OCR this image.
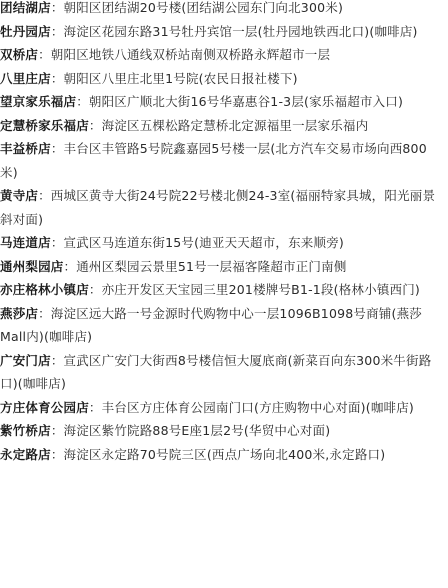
团结湖店：朝阳区团结湖20号楼(团结湖公园东门向北300米)
牡丹园店：海淀区花园东路31号牡丹宾馆一层(牡丹园地铁西北口)(咖啡店)
双桥店：朝阳区地铁八通线双桥站南侧双桥路永辉超市一层
八里庄店：朝阳区八里庄北里1号院(农民日报社楼下)
望京家乐福店：朝阳区广顺北大街16号华嘉惠谷1-3层(家乐福超市入口)
定慧桥家乐福店：海淀区五棵松路定慧桥北定源福里一层家乐福内
丰益桥店：丰台区丰管路5号院鑫嘉园5号楼一层(北方汽车交易市场向西800米)
黄寺店：西城区黄寺大街24号院22号楼北侧24-3室(福丽特家具城，阳光丽景斜对面)
马连道店：宣武区马连道东街15号(迪亚天天超市，东来顺旁)
通州梨园店：通州区梨园云景里51号一层福客隆超市正门南侧
亦庄格林小镇店：亦庄开发区天宝园三里201楼牌号B1-1段(格林小镇西门)
燕莎店：海淀区远大路一号金源时代购物中心一层1096B1098号商铺(燕莎Mall内)(咖啡店)
广安门店：宣武区广安门大街西8号楼信恒大厦底商(新菜百向东300米牛街路口)(咖啡店)
方庄体育公园店：丰台区方庄体育公园南门口(方庄购物中心对面)(咖啡店)
紫竹桥店：海淀区紫竹院路88号E座1层2号(华贸中心对面)
永定路店：海淀区永定路70号院三区(西点广场向北400米,永定路口)
